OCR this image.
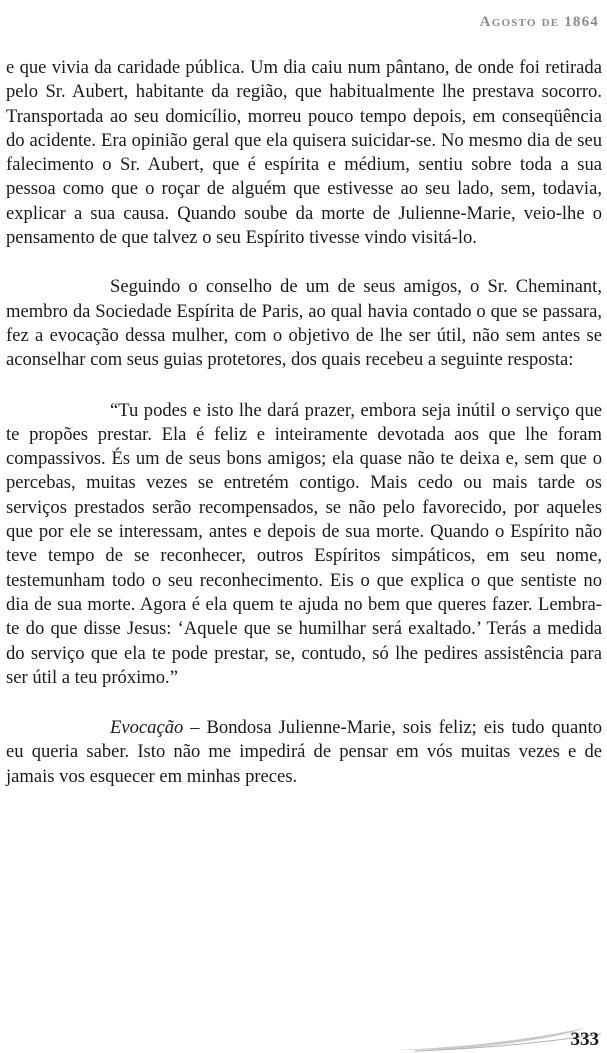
Agosto de 1864

e que vivia da caridade pública. Um dia caiu num pântano, de onde foi retirada pelo Sr. Aubert, habitante da região, que habitualmente lhe prestava socorro. Transportada ao seu domicílio, morreu pouco tempo depois, em conseqüência do acidente. Era opinião geral que ela quisera suicidar-se. No mesmo dia de seu falecimento o Sr. Aubert, que é espírita e médium, sentiu sobre toda a sua pessoa como que o roçar de alguém que estivesse ao seu lado, sem, todavia, explicar a sua causa. Quando soube da morte de Julienne-Marie, veio-lhe o pensamento de que talvez o seu Espírito tivesse vindo visitá-lo.

Seguindo o conselho de um de seus amigos, o Sr. Cheminant, membro da Sociedade Espírita de Paris, ao qual havia contado o que se passara, fez a evocação dessa mulher, com o objetivo de lhe ser útil, não sem antes se aconselhar com seus guias protetores, dos quais recebeu a seguinte resposta:

“Tu podes e isto lhe dará prazer, embora seja inútil o serviço que te propões prestar. Ela é feliz e inteiramente devotada aos que lhe foram compassivos. És um de seus bons amigos; ela quase não te deixa e, sem que o percebas, muitas vezes se entretém contigo. Mais cedo ou mais tarde os serviços prestados serão recompensados, se não pelo favorecido, por aqueles que por ele se interessam, antes e depois de sua morte. Quando o Espírito não teve tempo de se reconhecer, outros Espíritos simpáticos, em seu nome, testemunham todo o seu reconhecimento. Eis o que explica o que sentiste no dia de sua morte. Agora é ela quem te ajuda no bem que queres fazer. Lembra-te do que disse Jesus: ‘Aquele que se humilhar será exaltado.’ Terás a medida do serviço que ela te pode prestar, se, contudo, só lhe pedires assistência para ser útil a teu próximo.”

Evocação – Bondosa Julienne-Marie, sois feliz; eis tudo quanto eu queria saber. Isto não me impedirá de pensar em vós muitas vezes e de jamais vos esquecer em minhas preces.

333
